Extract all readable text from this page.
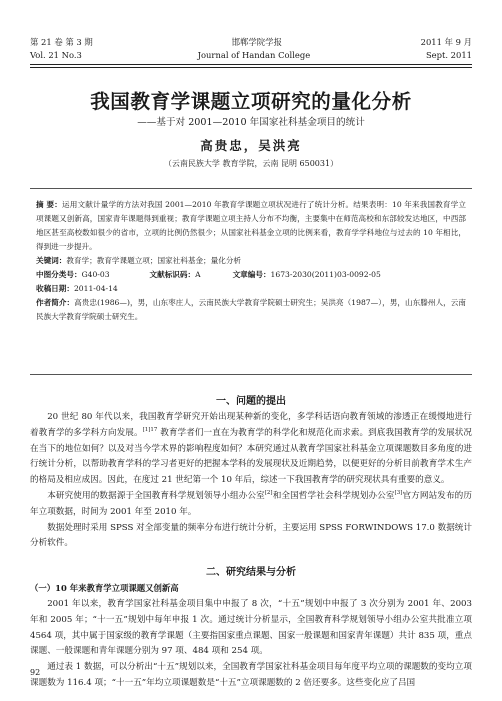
第 21 卷 第 3 期	邯郸学院学报	2011 年 9 月
Vol. 21 No.3	Journal of Handan College	Sept. 2011
我国教育学课题立项研究的量化分析
——基于对 2001—2010 年国家社科基金项目的统计
高贵忠，吴洪亮
（云南民族大学 教育学院，云南 昆明 650031）

摘 要：运用文献计量学的方法对我国 2001—2010 年教育学课题立项状况进行了统计分析。结果表明：10 年来我国教育学立项课题又创新高，国家青年课题得到重视；教育学课题立项主持人分布不均衡，主要集中在师范高校和东部较发达地区，中西部地区甚至高校数如很少的省市，立项的比例仍然很少；从国家社科基金立项的比例来看，教育学学科地位与过去的 10 年相比，得到进一步提升。

关键词：教育学；教育学课题立项；国家社科基金；量化分析

中图分类号：G40-03	文献标识码：A	文章编号：1673-2030(2011)03-0092-05

收稿日期：2011-04-14

作者简介：高贵忠(1986—)，男，山东枣庄人，云南民族大学教育学院硕士研究生；吴洪亮（1987—），男，山东滕州人，云南民族大学教育学院硕士研究生。

一、问题的提出

20 世纪 80 年代以来，我国教育学研究开始出现某种新的变化，多学科话语向教育领域的渗透正在缓慢地进行着教育学的多学科方向发展。$^{[1]17}$ 教育学者们一直在为教育学的科学化和规范化而求索。到底我国教育学的发展状况在当下的地位如何？以及对当今学术界的影响程度如何？本研究通过从教育学国家社科基金立项课题数目多角度的进行统计分析，以帮助教育学科的学习者更好的把握本学科的发展现状及近期趋势，以便更好的分析目前教育学术生产的格局及相应成因。因此，在度过 21 世纪第一个 10 年后，综述一下我国教育学的研究现状具有重要的意义。

本研究使用的数据源于全国教育科学规划领导小组办公室[2]和全国哲学社会科学规划办公室[3]官方网站发布的历年立项数据，时间为 2001 年至 2010 年。

数据处理时采用 SPSS 对全部变量的频率分布进行统计分析，主要运用 SPSS FORWINDOWS 17.0 数据统计分析软件。

二、研究结果与分析
（一）10 年来教育学立项课题又创新高

2001 年以来，教育学国家社科基金项目集中申报了 8 次，“十五”规划中申报了 3 次分别为 2001 年、2003 年和 2005 年；“十一五”规划中每年申报 1 次。通过统计分析显示，全国教育科学规划领导小组办公室共批准立项 4564 项，其中属于国家级的教育学课题（主要指国家重点课题、国家一般课题和国家青年课题）共计 835 项，重点课题、一般课题和青年课题分别为 97 项、484 项和 254 项。

通过表 1 数据，可以分析出“十五”规划以来，全国教育学国家社科基金项目每年度平均立项的课题数的变均立项课题数为 116.4 项；“十一五”年均立项课题数是“十五”立项课题数的 2 倍还要多。这些变化应了吕国

92
